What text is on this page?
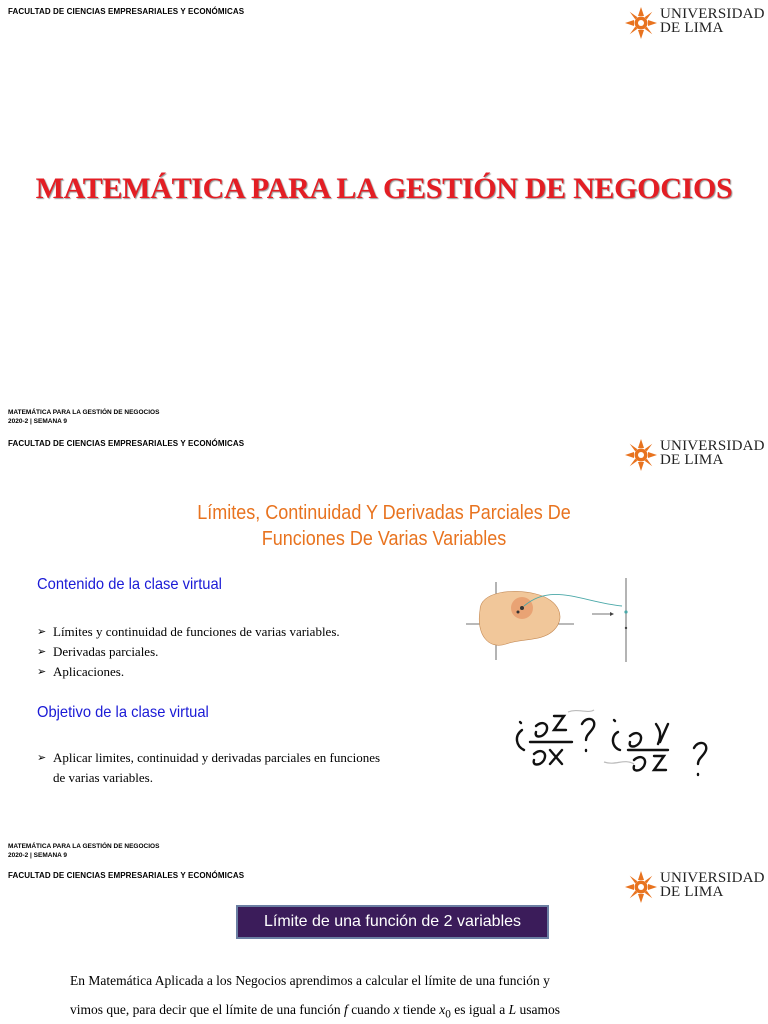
FACULTAD DE CIENCIAS EMPRESARIALES Y ECONÓMICAS	UNIVERSIDAD
DE LIMA
MATEMÁTICA PARA LA GESTIÓN DE NEGOCIOS
MATEMÁTICA PARA LA GESTIÓN DE NEGOCIOS
2020-2 | SEMANA 9
FACULTAD DE CIENCIAS EMPRESARIALES Y ECONÓMICAS	UNIVERSIDAD
DE LIMA
Límites, Continuidad Y Derivadas Parciales De
Funciones De Varias Variables
Contenido de la clase virtual
➢ Límites y continuidad de funciones de varias variables.
➢ Derivadas parciales.
➢ Aplicaciones.
Objetivo de la clase virtual
➢ Aplicar limites, continuidad y derivadas parciales en funciones
de varias variables.
MATEMÁTICA PARA LA GESTIÓN DE NEGOCIOS
2020-2 | SEMANA 9
FACULTAD DE CIENCIAS EMPRESARIALES Y ECONÓMICAS	UNIVERSIDAD
DE LIMA
Límite de una función de 2 variables
En Matemática Aplicada a los Negocios aprendimos a calcular el límite de una función y
vimos que, para decir que el límite de una función f cuando x tiende $x_0$ es igual a L usamos
